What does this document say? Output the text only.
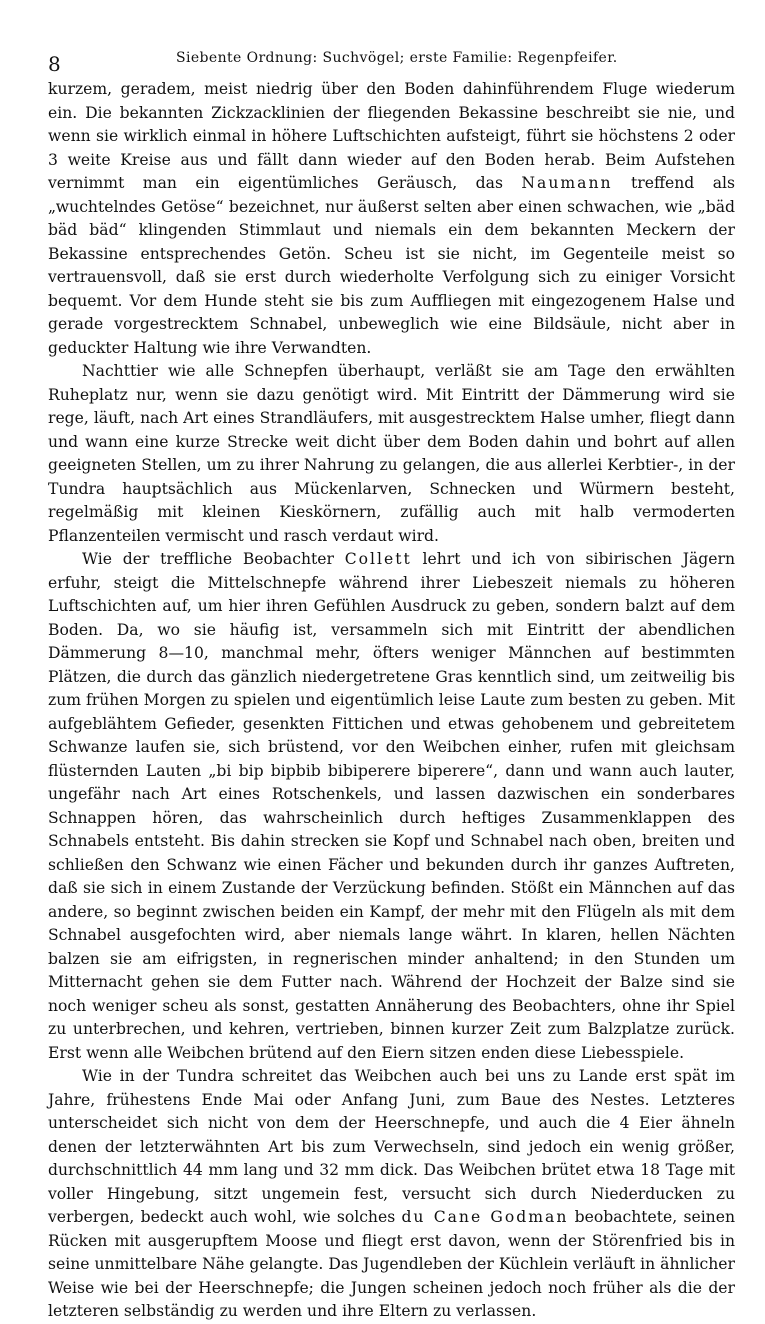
8	Siebente Ordnung: Suchvögel; erste Familie: Regenpfeifer.

kurzem, geradem, meist niedrig über den Boden dahinführendem Fluge wiederum ein. Die bekannten Zickzacklinien der fliegenden Bekassine beschreibt sie nie, und wenn sie wirklich einmal in höhere Luftschichten aufsteigt, führt sie höchstens 2 oder 3 weite Kreise aus und fällt dann wieder auf den Boden herab. Beim Aufstehen vernimmt man ein eigentümliches Geräusch, das Naumann treffend als „wuchtelndes Getöse“ bezeichnet, nur äußerst selten aber einen schwachen, wie „bäd bäd bäd“ klingenden Stimmlaut und niemals ein dem bekannten Meckern der Bekassine entsprechendes Getön. Scheu ist sie nicht, im Gegenteile meist so vertrauensvoll, daß sie erst durch wiederholte Verfolgung sich zu einiger Vorsicht bequemt. Vor dem Hunde steht sie bis zum Auffliegen mit eingezogenem Halse und gerade vorgestrecktem Schnabel, unbeweglich wie eine Bildsäule, nicht aber in geduckter Haltung wie ihre Verwandten.

Nachttier wie alle Schnepfen überhaupt, verläßt sie am Tage den erwählten Ruheplatz nur, wenn sie dazu genötigt wird. Mit Eintritt der Dämmerung wird sie rege, läuft, nach Art eines Strandläufers, mit ausgestrecktem Halse umher, fliegt dann und wann eine kurze Strecke weit dicht über dem Boden dahin und bohrt auf allen geeigneten Stellen, um zu ihrer Nahrung zu gelangen, die aus allerlei Kerbtier-, in der Tundra hauptsächlich aus Mückenlarven, Schnecken und Würmern besteht, regelmäßig mit kleinen Kieskörnern, zufällig auch mit halb vermoderten Pflanzenteilen vermischt und rasch verdaut wird.

Wie der treffliche Beobachter Collett lehrt und ich von sibirischen Jägern erfuhr, steigt die Mittelschnepfe während ihrer Liebeszeit niemals zu höheren Luftschichten auf, um hier ihren Gefühlen Ausdruck zu geben, sondern balzt auf dem Boden. Da, wo sie häufig ist, versammeln sich mit Eintritt der abendlichen Dämmerung 8—10, manchmal mehr, öfters weniger Männchen auf bestimmten Plätzen, die durch das gänzlich niedergetretene Gras kenntlich sind, um zeitweilig bis zum frühen Morgen zu spielen und eigentümlich leise Laute zum besten zu geben. Mit aufgeblähtem Gefieder, gesenkten Fittichen und etwas gehobenem und gebreitetem Schwanze laufen sie, sich brüstend, vor den Weibchen einher, rufen mit gleichsam flüsternden Lauten „bi bip bipbib bibiperere biperere“, dann und wann auch lauter, ungefähr nach Art eines Rotschenkels, und lassen dazwischen ein sonderbares Schnappen hören, das wahrscheinlich durch heftiges Zusammenklappen des Schnabels entsteht. Bis dahin strecken sie Kopf und Schnabel nach oben, breiten und schließen den Schwanz wie einen Fächer und bekunden durch ihr ganzes Auftreten, daß sie sich in einem Zustande der Verzückung befinden. Stößt ein Männchen auf das andere, so beginnt zwischen beiden ein Kampf, der mehr mit den Flügeln als mit dem Schnabel ausgefochten wird, aber niemals lange währt. In klaren, hellen Nächten balzen sie am eifrigsten, in regnerischen minder anhaltend; in den Stunden um Mitternacht gehen sie dem Futter nach. Während der Hochzeit der Balze sind sie noch weniger scheu als sonst, gestatten Annäherung des Beobachters, ohne ihr Spiel zu unterbrechen, und kehren, vertrieben, binnen kurzer Zeit zum Balzplatze zurück. Erst wenn alle Weibchen brütend auf den Eiern sitzen enden diese Liebesspiele.

Wie in der Tundra schreitet das Weibchen auch bei uns zu Lande erst spät im Jahre, frühestens Ende Mai oder Anfang Juni, zum Baue des Nestes. Letzteres unterscheidet sich nicht von dem der Heerschnepfe, und auch die 4 Eier ähneln denen der letzterwähnten Art bis zum Verwechseln, sind jedoch ein wenig größer, durchschnittlich 44 mm lang und 32 mm dick. Das Weibchen brütet etwa 18 Tage mit voller Hingebung, sitzt ungemein fest, versucht sich durch Niederducken zu verbergen, bedeckt auch wohl, wie solches du Cane Godman beobachtete, seinen Rücken mit ausgerupftem Moose und fliegt erst davon, wenn der Störenfried bis in seine unmittelbare Nähe gelangte. Das Jugendleben der Küchlein verläuft in ähnlicher Weise wie bei der Heerschnepfe; die Jungen scheinen jedoch noch früher als die der letzteren selbständig zu werden und ihre Eltern zu verlassen.
